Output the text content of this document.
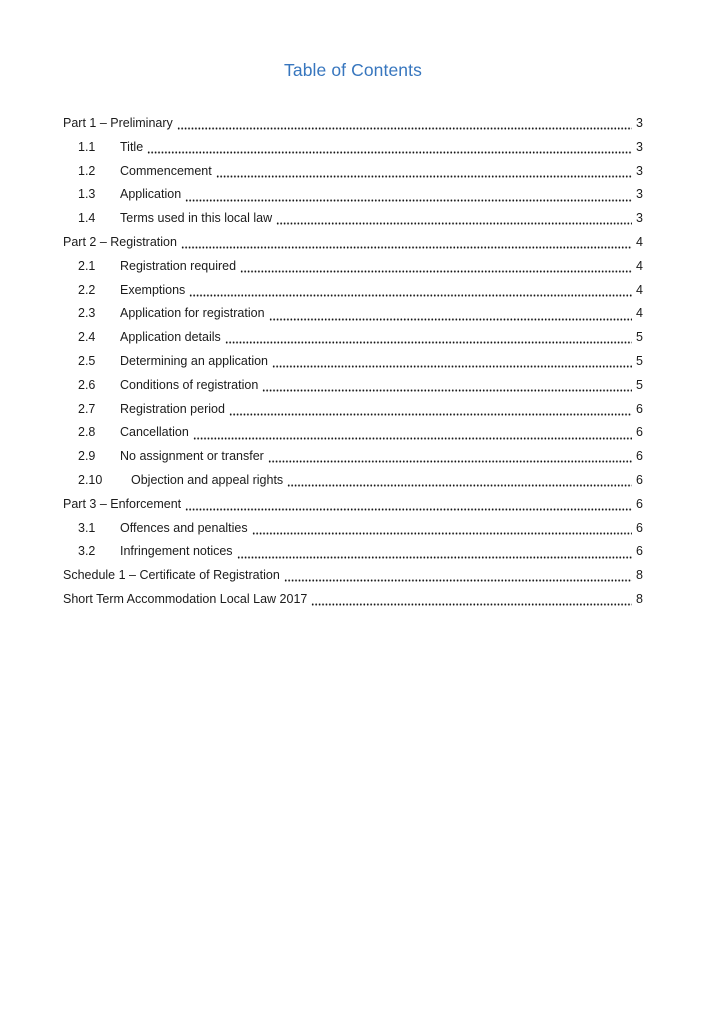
Table of Contents
Part 1 – Preliminary	3
1.1	Title	3
1.2	Commencement	3
1.3	Application	3
1.4	Terms used in this local law	3
Part 2 – Registration	4
2.1	Registration required	4
2.2	Exemptions	4
2.3	Application for registration	4
2.4	Application details	5
2.5	Determining an application	5
2.6	Conditions of registration	5
2.7	Registration period	6
2.8	Cancellation	6
2.9	No assignment or transfer	6
2.10	Objection and appeal rights	6
Part 3 – Enforcement	6
3.1	Offences and penalties	6
3.2	Infringement notices	6
Schedule 1 – Certificate of Registration	8
Short Term Accommodation Local Law 2017	8
